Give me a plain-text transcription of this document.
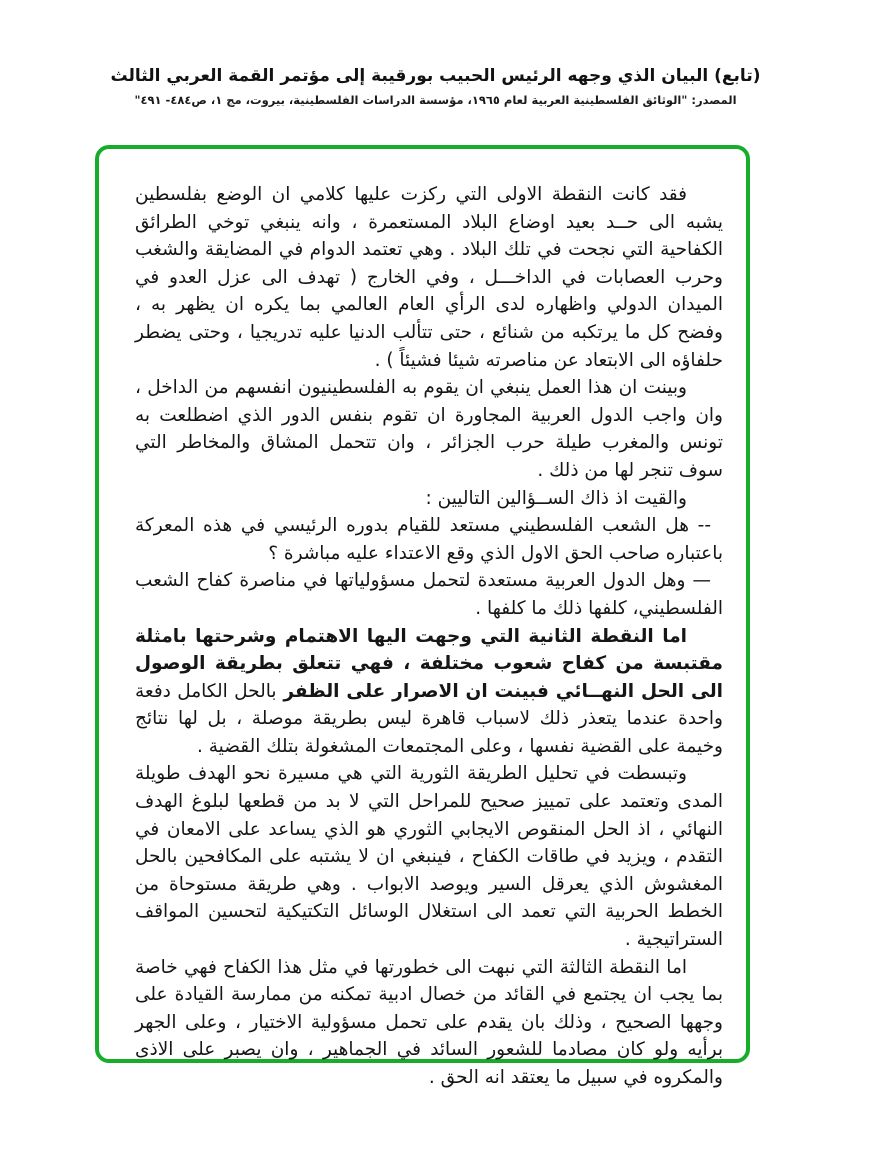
(تابع) البيان الذي وجهه الرئيس الحبيب بورقيبة إلى مؤتمر القمة العربي الثالث
المصدر: "الوثائق الفلسطينية العربية لعام ١٩٦٥، مؤسسة الدراسات الفلسطينية، بيروت، مج ١، ص٤٨٤- ٤٩١"
فقد كانت النقطة الاولى التي ركزت عليها كلامي ان الوضع بفلسطين يشبه الى حــد بعيد اوضاع البلاد المستعمرة ، وانه ينبغي توخي الطرائق الكفاحية التي نجحت في تلك البلاد . وهي تعتمد الدوام في المضايقة والشغب وحرب العصابات في الداخـــل ، وفي الخارج ( تهدف الى عزل العدو في الميدان الدولي واظهاره لدى الرأي العام العالمي بما يكره ان يظهر به ، وفضح كل ما يرتكبه من شنائع ، حتى تتألب الدنيا عليه تدريجيا ، وحتى يضطر حلفاؤه الى الابتعاد عن مناصرته شيئا فشيئاً ) .
وبينت ان هذا العمل ينبغي ان يقوم به الفلسطينيون انفسهم من الداخل ، وان واجب الدول العربية المجاورة ان تقوم بنفس الدور الذي اضطلعت به تونس والمغرب طيلة حرب الجزائر ، وان تتحمل المشاق والمخاطر التي سوف تنجر لها من ذلك .
والقيت اذ ذاك الســؤالين التاليين :
-- هل الشعب الفلسطيني مستعد للقيام بدوره الرئيسي في هذه المعركة باعتباره صاحب الحق الاول الذي وقع الاعتداء عليه مباشرة ؟
— وهل الدول العربية مستعدة لتحمل مسؤولياتها في مناصرة كفاح الشعب الفلسطيني، كلفها ذلك ما كلفها .
اما النقطة الثانية التي وجهت اليها الاهتمام وشرحتها بامثلة مقتبسة من كفاح شعوب مختلفة ، فهي تتعلق بطريقة الوصول الى الحل النهــائي فبينت ان الاصرار على الظفر بالحل الكامل دفعة واحدة عندما يتعذر ذلك لاسباب قاهرة ليس بطريقة موصلة ، بل لها نتائج وخيمة على القضية نفسها ، وعلى المجتمعات المشغولة بتلك القضية .
وتبسطت في تحليل الطريقة الثورية التي هي مسيرة نحو الهدف طويلة المدى وتعتمد على تمييز صحيح للمراحل التي لا بد من قطعها لبلوغ الهدف النهائي ، اذ الحل المنقوص الايجابي الثوري هو الذي يساعد على الامعان في التقدم ، ويزيد في طاقات الكفاح ، فينبغي ان لا يشتبه على المكافحين بالحل المغشوش الذي يعرقل السير ويوصد الابواب . وهي طريقة مستوحاة من الخطط الحربية التي تعمد الى استغلال الوسائل التكتيكية لتحسين المواقف الستراتيجية .
اما النقطة الثالثة التي نبهت الى خطورتها في مثل هذا الكفاح فهي خاصة بما يجب ان يجتمع في القائد من خصال ادبية تمكنه من ممارسة القيادة على وجهها الصحيح ، وذلك بان يقدم على تحمل مسؤولية الاختيار ، وعلى الجهر برأيه ولو كان مصادما للشعور السائد في الجماهير ، وان يصبر على الاذى والمكروه في سبيل ما يعتقد انه الحق .
